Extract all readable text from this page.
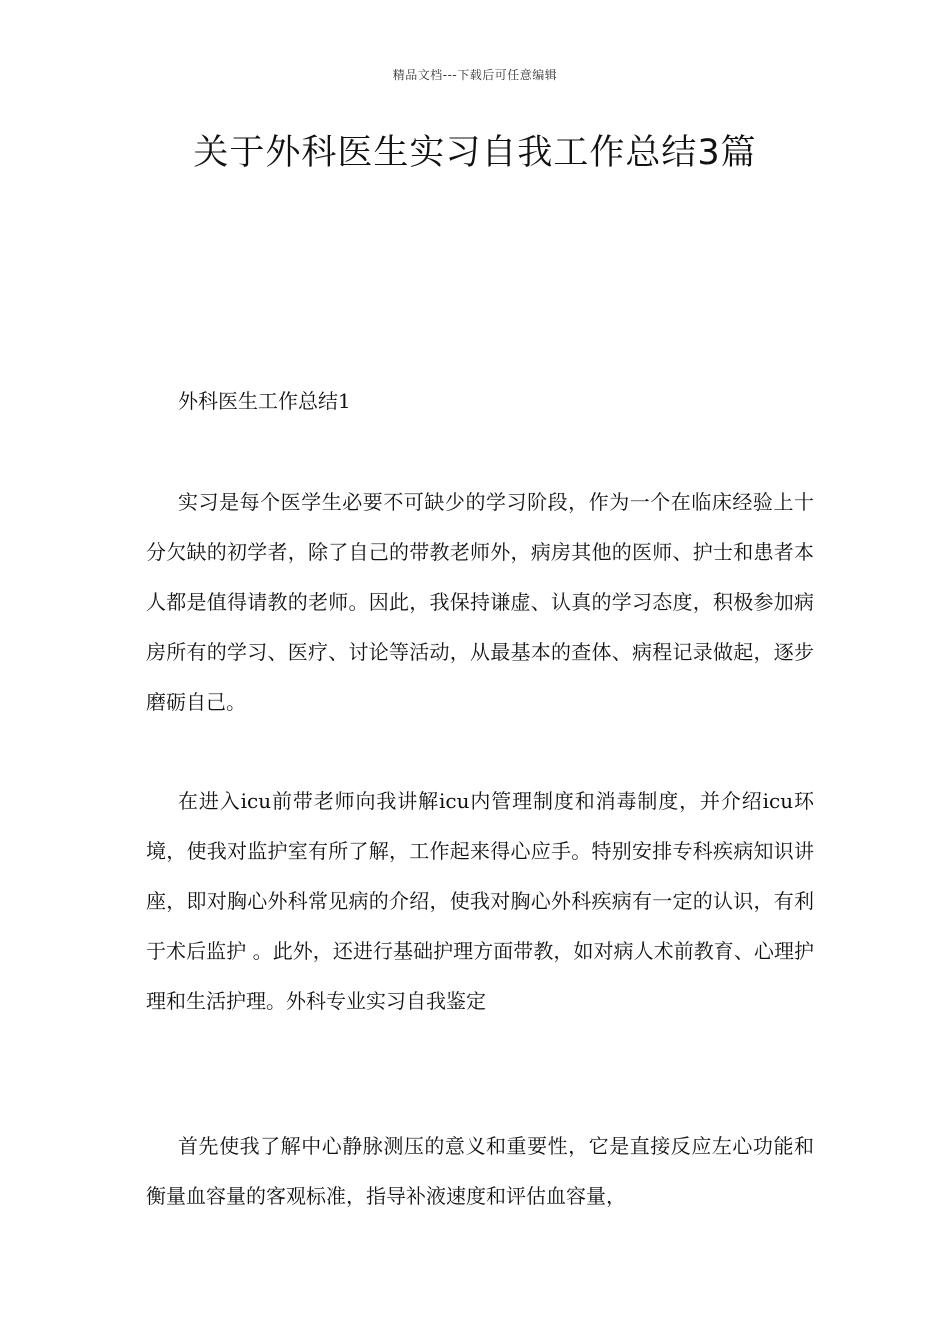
精品文档---下载后可任意编辑
关于外科医生实习自我工作总结3篇
外科医生工作总结1

实习是每个医学生必要不可缺少的学习阶段，作为一个在临床经验上十分欠缺的初学者，除了自己的带教老师外，病房其他的医师、护士和患者本人都是值得请教的老师。因此，我保持谦虚、认真的学习态度，积极参加病房所有的学习、医疗、讨论等活动，从最基本的查体、病程记录做起，逐步磨砺自己。

在进入icu前带老师向我讲解icu内管理制度和消毒制度，并介绍icu环境，使我对监护室有所了解，工作起来得心应手。特别安排专科疾病知识讲座，即对胸心外科常见病的介绍，使我对胸心外科疾病有一定的认识，有利于术后监护 。此外，还进行基础护理方面带教，如对病人术前教育、心理护理和生活护理。外科专业实习自我鉴定

首先使我了解中心静脉测压的意义和重要性，它是直接反应左心功能和衡量血容量的客观标准，指导补液速度和评估血容量，
